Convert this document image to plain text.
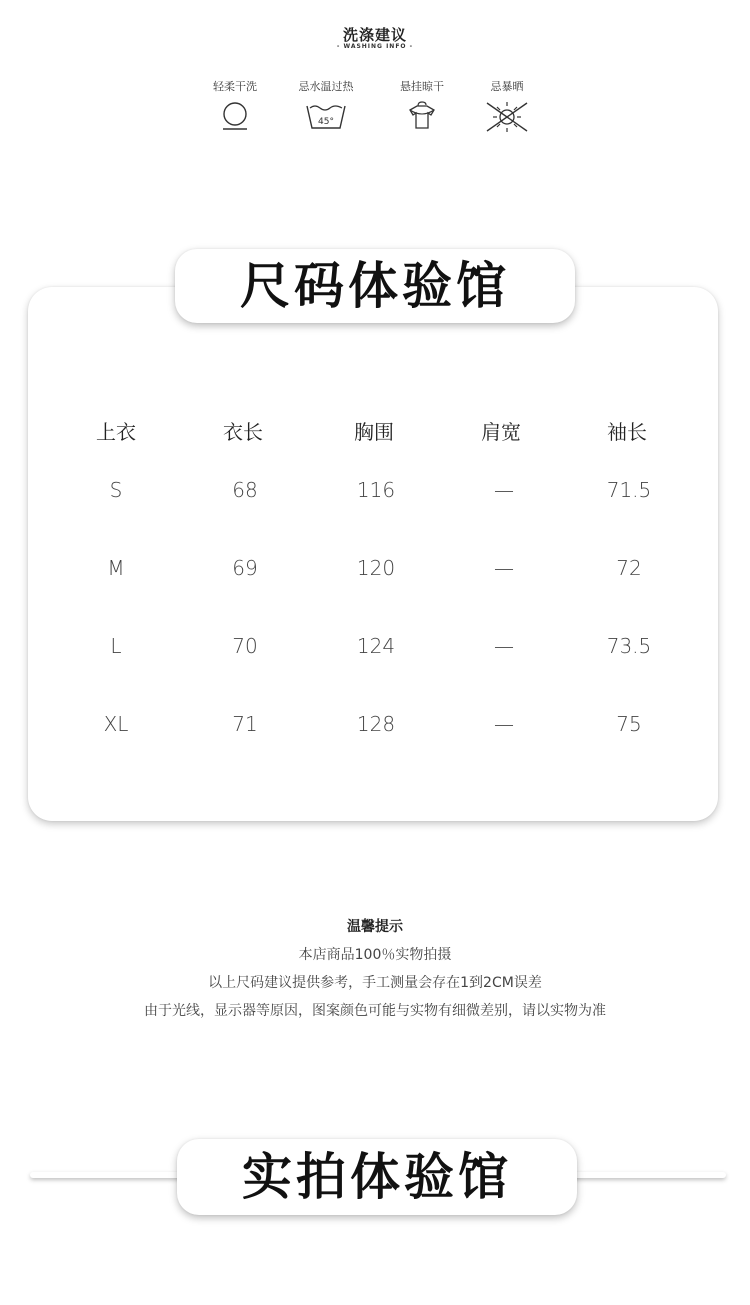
洗涤建议
- WASHING INFO -
轻柔干洗	忌水温过热
45°
悬挂晾干	忌暴晒
尺码体验馆
上衣	衣长	胸围	肩宽	袖长
S	68	116	—	71.5
M	69	120	—	72
L	70	124	—	73.5
XL	71	128	—	75
温馨提示
本店商品100％实物拍摄
以上尺码建议提供参考，手工测量会存在1到2CM误差
由于光线，显示器等原因，图案颜色可能与实物有细微差别，请以实物为准
实拍体验馆
